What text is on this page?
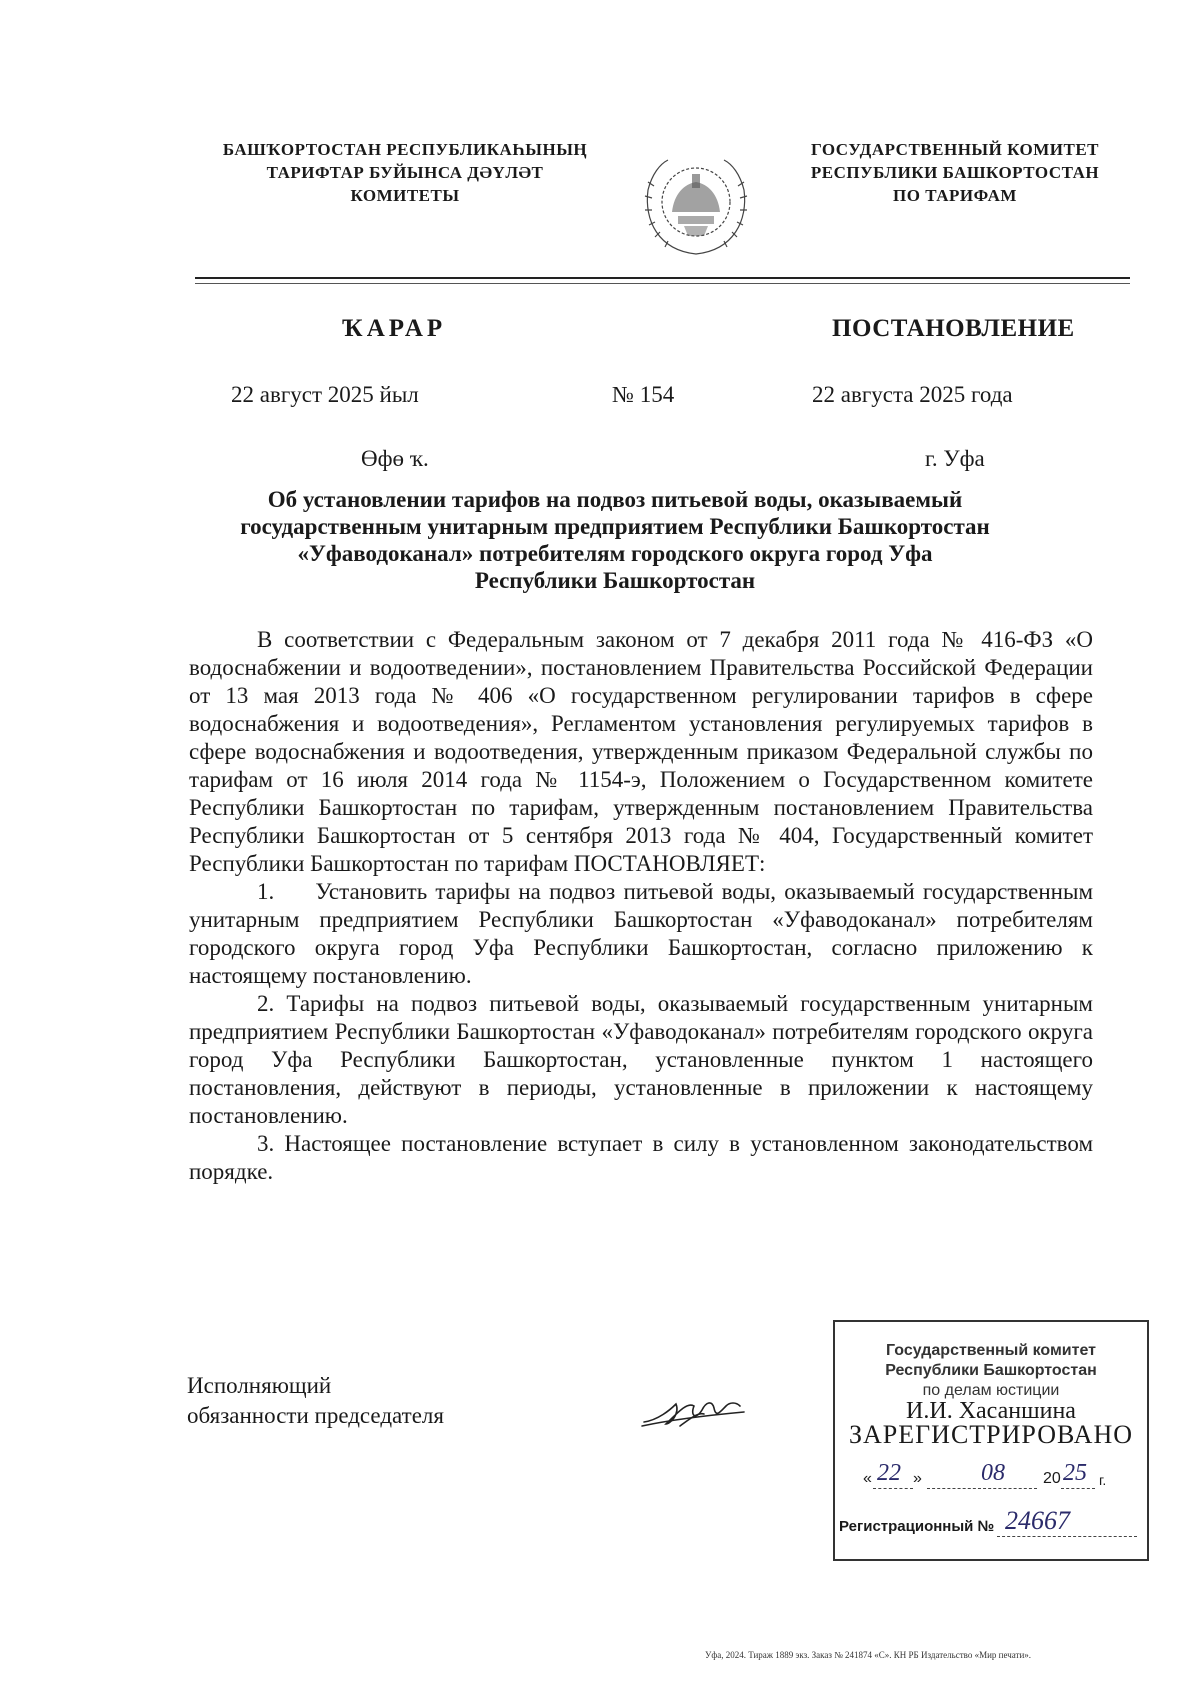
БАШҠОРТОСТАН РЕСПУБЛИКАҺЫНЫҢ
ТАРИФТАР БУЙЫНСА ДӘҮЛӘТ
КОМИТЕТЫ
ГОСУДАРСТВЕННЫЙ КОМИТЕТ
РЕСПУБЛИКИ БАШКОРТОСТАН
ПО ТАРИФАМ
ҠАРАР	ПОСТАНОВЛЕНИЕ
22 август 2025 йыл	№ 154	22 августа 2025 года
Өфө ҡ.	г. Уфа
Об установлении тарифов на подвоз питьевой воды, оказываемый
государственным унитарным предприятием Республики Башкортостан
«Уфаводоканал» потребителям городского округа город Уфа
Республики Башкортостан

В соответствии с Федеральным законом от 7 декабря 2011 года № 416-ФЗ «О водоснабжении и водоотведении», постановлением Правительства Российской Федерации от 13 мая 2013 года № 406 «О государственном регулировании тарифов в сфере водоснабжения и водоотведения», Регламентом установления регулируемых тарифов в сфере водоснабжения и водоотведения, утвержденным приказом Федеральной службы по тарифам от 16 июля 2014 года № 1154-э, Положением о Государственном комитете Республики Башкортостан по тарифам, утвержденным постановлением Правительства Республики Башкортостан от 5 сентября 2013 года № 404, Государственный комитет Республики Башкортостан по тарифам ПОСТАНОВЛЯЕТ:

1.     Установить тарифы на подвоз питьевой воды, оказываемый государственным унитарным предприятием Республики Башкортостан «Уфаводоканал» потребителям городского округа город Уфа Республики Башкортостан, согласно приложению к настоящему постановлению.

2. Тарифы на подвоз питьевой воды, оказываемый государственным унитарным предприятием Республики Башкортостан «Уфаводоканал» потребителям городского округа город Уфа Республики Башкортостан, установленные пунктом 1 настоящего постановления, действуют в периоды, установленные в приложении к настоящему постановлению.

3. Настоящее постановление вступает в силу в установленном законодательством порядке.

Исполняющий
обязанности председателя
Государственный комитет
Республики Башкортостан
по делам юстиции
И.И. Хасаншина
ЗАРЕГИСТРИРОВАНО
« 22 » 08 20 25 г.
Регистрационный № 24667
Уфа, 2024. Тираж 1889 экз. Заказ № 241874 «С». КН РБ Издательство «Мир печати».
